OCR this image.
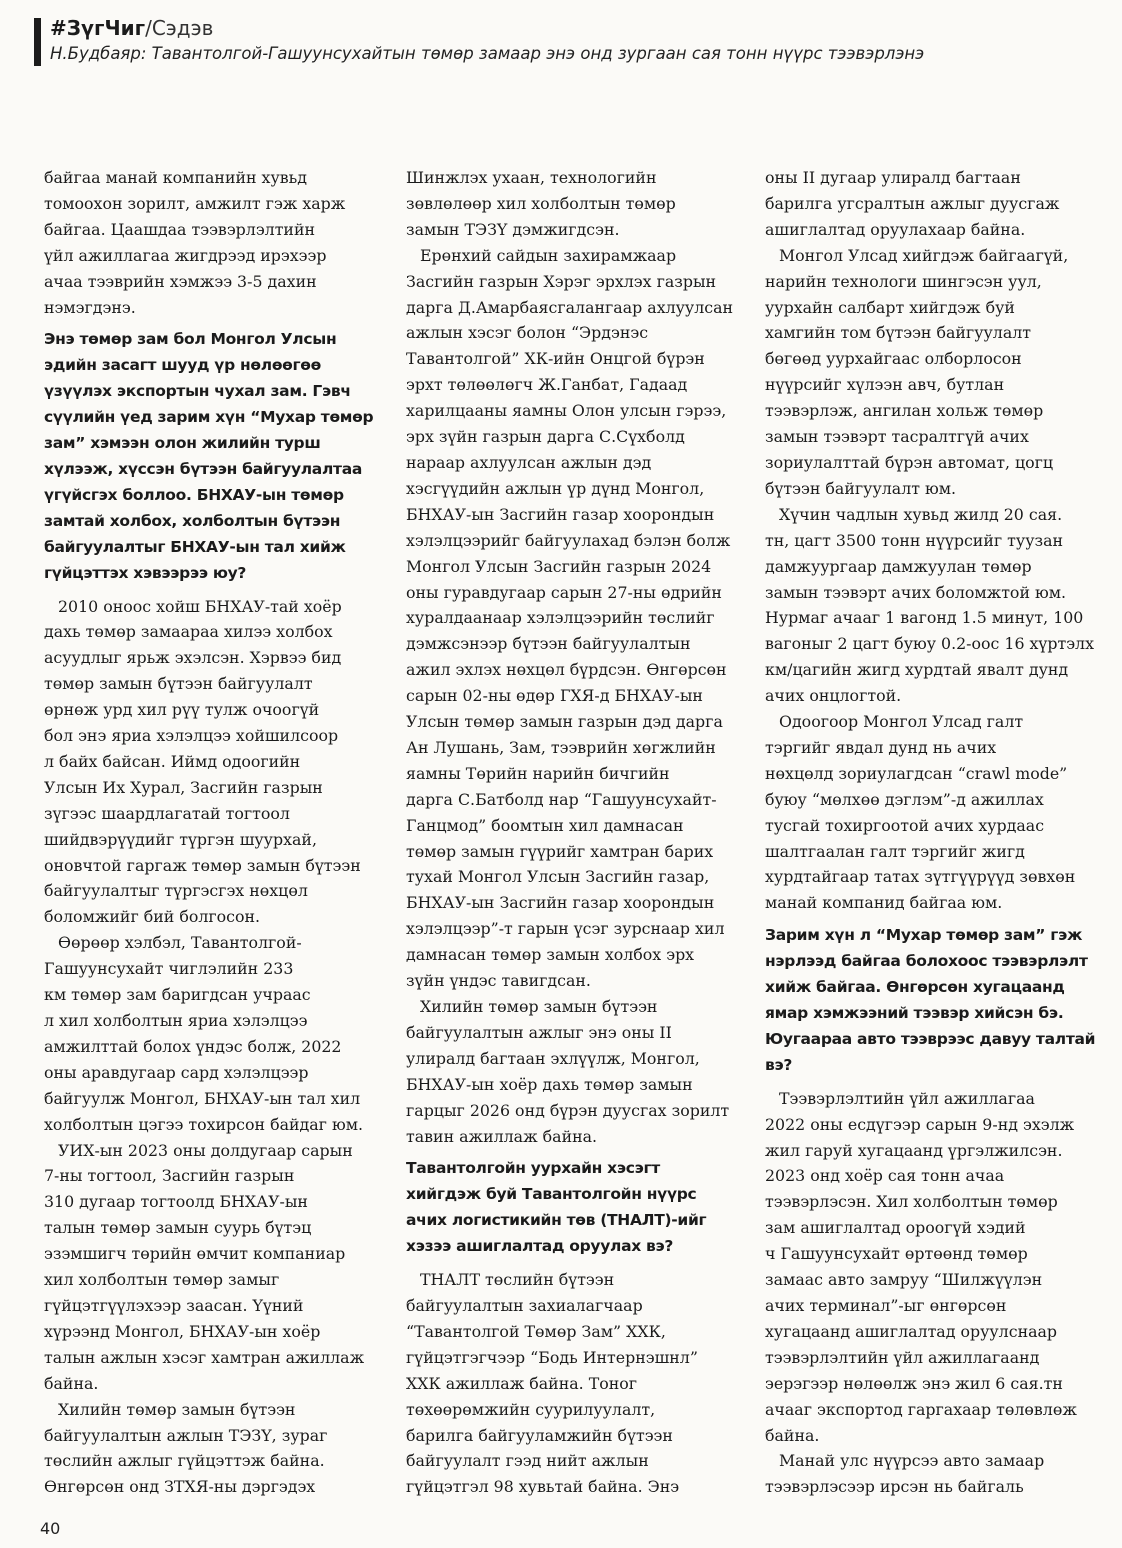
#ЗүгЧиг/Сэдэв
Н.Будбаяр: Тавантолгой-Гашуунсухайтын төмөр замаар энэ онд зургаан сая тонн нүүрс тээвэрлэнэ
байгаа манай компанийн хувьд
томоохон зорилт, амжилт гэж харж
байгаа. Цаашдаа тээвэрлэлтийн
үйл ажиллагаа жигдрээд ирэхээр
ачаа тээврийн хэмжээ 3-5 дахин
нэмэгдэнэ.
Энэ төмөр зам бол Монгол Улсын
эдийн засагт шууд үр нөлөөгөө
үзүүлэх экспортын чухал зам. Гэвч
сүүлийн үед зарим хүн “Мухар төмөр
зам” хэмээн олон жилийн турш
хүлээж, хүссэн бүтээн байгуулалтаа
үгүйсгэх боллоо. БНХАУ-ын төмөр
замтай холбох, холболтын бүтээн
байгуулалтыг БНХАУ-ын тал хийж
гүйцэттэх хэвээрээ юу?
2010 оноос хойш БНХАУ-тай хоёр
дахь төмөр замаараа хилээ холбох
асуудлыг ярьж эхэлсэн. Хэрвээ бид
төмөр замын бүтээн байгуулалт
өрнөж урд хил рүү тулж очоогүй
бол энэ яриа хэлэлцээ хойшилсоор
л байх байсан. Иймд одоогийн
Улсын Их Хурал, Засгийн газрын
зүгээс шаардлагатай тогтоол
шийдвэрүүдийг түргэн шуурхай,
оновчтой гаргаж төмөр замын бүтээн
байгуулалтыг түргэсгэх нөхцөл
боломжийг бий болгосон.
Өөрөөр хэлбэл, Тавантолгой-
Гашуунсухайт чиглэлийн 233
км төмөр зам баригдсан учраас
л хил холболтын яриа хэлэлцээ
амжилттай болох үндэс болж, 2022
оны аравдугаар сард хэлэлцээр
байгуулж Монгол, БНХАУ-ын тал хил
холболтын цэгээ тохирсон байдаг юм.
УИХ-ын 2023 оны долдугаар сарын
7-ны тогтоол, Засгийн газрын
310 дугаар тогтоолд БНХАУ-ын
талын төмөр замын суурь бүтэц
эзэмшигч төрийн өмчит компаниар
хил холболтын төмөр замыг
гүйцэтгүүлэхээр заасан. Үүний
хүрээнд Монгол, БНХАУ-ын хоёр
талын ажлын хэсэг хамтран ажиллаж
байна.
Хилийн төмөр замын бүтээн
байгуулалтын ажлын ТЭЗҮ, зураг
төслийн ажлыг гүйцэттэж байна.
Өнгөрсөн онд ЗТХЯ-ны дэргэдэх
Шинжлэх ухаан, технологийн
зөвлөлөөр хил холболтын төмөр
замын ТЭЗҮ дэмжигдсэн.
Ерөнхий сайдын захирамжаар
Засгийн газрын Хэрэг эрхлэх газрын
дарга Д.Амарбаясгалангаар ахлуулсан
ажлын хэсэг болон “Эрдэнэс
Тавантолгой” ХК-ийн Онцгой бүрэн
эрхт төлөөлөгч Ж.Ганбат, Гадаад
харилцааны яамны Олон улсын гэрээ,
эрх зүйн газрын дарга С.Сүхболд
нараар ахлуулсан ажлын дэд
хэсгүүдийн ажлын үр дүнд Монгол,
БНХАУ-ын Засгийн газар хоорондын
хэлэлцээрийг байгуулахад бэлэн болж
Монгол Улсын Засгийн газрын 2024
оны гуравдугаар сарын 27-ны өдрийн
хуралдаанаар хэлэлцээрийн төслийг
дэмжсэнээр бүтээн байгуулалтын
ажил эхлэх нөхцөл бүрдсэн. Өнгөрсөн
сарын 02-ны өдөр ГХЯ-д БНХАУ-ын
Улсын төмөр замын газрын дэд дарга
Ан Лушань, Зам, тээврийн хөгжлийн
яамны Төрийн нарийн бичгийн
дарга С.Батболд нар “Гашуунсухайт-
Ганцмод” боомтын хил дамнасан
төмөр замын гүүрийг хамтран барих
тухай Монгол Улсын Засгийн газар,
БНХАУ-ын Засгийн газар хоорондын
хэлэлцээр”-т гарын үсэг зурснаар хил
дамнасан төмөр замын холбох эрх
зүйн үндэс тавигдсан.
Хилийн төмөр замын бүтээн
байгуулалтын ажлыг энэ оны II
улиралд багтаан эхлүүлж, Монгол,
БНХАУ-ын хоёр дахь төмөр замын
гарцыг 2026 онд бүрэн дуусгах зорилт
тавин ажиллаж байна.
Тавантолгойн уурхайн хэсэгт
хийгдэж буй Тавантолгойн нүүрс
ачих логистикийн төв (ТНАЛТ)-ийг
хэзээ ашиглалтад оруулах вэ?
ТНАЛТ төслийн бүтээн
байгуулалтын захиалагчаар
“Тавантолгой Төмөр Зам” ХХК,
гүйцэтгэгчээр “Бодь Интернэшнл”
ХХК ажиллаж байна. Тоног
төхөөрөмжийн суурилуулалт,
барилга байгууламжийн бүтээн
байгуулалт гээд нийт ажлын
гүйцэтгэл 98 хувьтай байна. Энэ
оны II дугаар улиралд багтаан
барилга угсралтын ажлыг дуусгаж
ашиглалтад оруулахаар байна.
Монгол Улсад хийгдэж байгаагүй,
нарийн технологи шингэсэн уул,
уурхайн салбарт хийгдэж буй
хамгийн том бүтээн байгуулалт
бөгөөд уурхайгаас олборлосон
нүүрсийг хүлээн авч, бутлан
тээвэрлэж, ангилан хольж төмөр
замын тээвэрт тасралтгүй ачих
зориулалттай бүрэн автомат, цогц
бүтээн байгуулалт юм.
Хүчин чадлын хувьд жилд 20 сая.
тн, цагт 3500 тонн нүүрсийг туузан
дамжуургаар дамжуулан төмөр
замын тээвэрт ачих боломжтой юм.
Нурмаг ачааг 1 вагонд 1.5 минут, 100
вагоныг 2 цагт буюу 0.2-оос 16 хүртэлх
км/цагийн жигд хурдтай явалт дунд
ачих онцлогтой.
Одоогоор Монгол Улсад галт
тэргийг явдал дунд нь ачих
нөхцөлд зориулагдсан “crawl mode”
буюу “мөлхөө дэглэм”-д ажиллах
тусгай тохиргоотой ачих хурдаас
шалтгаалан галт тэргийг жигд
хурдтайгаар татах зүтгүүрүүд зөвхөн
манай компанид байгаа юм.
Зарим хүн л “Мухар төмөр зам” гэж
нэрлээд байгаа болохоос тээвэрлэлт
хийж байгаа. Өнгөрсөн хугацаанд
ямар хэмжээний тээвэр хийсэн бэ.
Юугаараа авто тээврээс давуу талтай
вэ?
Тээвэрлэлтийн үйл ажиллагаа
2022 оны есдүгээр сарын 9-нд эхэлж
жил гаруй хугацаанд үргэлжилсэн.
2023 онд хоёр сая тонн ачаа
тээвэрлэсэн. Хил холболтын төмөр
зам ашиглалтад ороогүй хэдий
ч Гашуунсухайт өртөөнд төмөр
замаас авто замруу “Шилжүүлэн
ачих терминал”-ыг өнгөрсөн
хугацаанд ашиглалтад оруулснаар
тээвэрлэлтийн үйл ажиллагаанд
эерэгээр нөлөөлж энэ жил 6 сая.тн
ачааг экспортод гаргахаар төлөвлөж
байна.
Манай улс нүүрсээ авто замаар
тээвэрлэсээр ирсэн нь байгаль
40
